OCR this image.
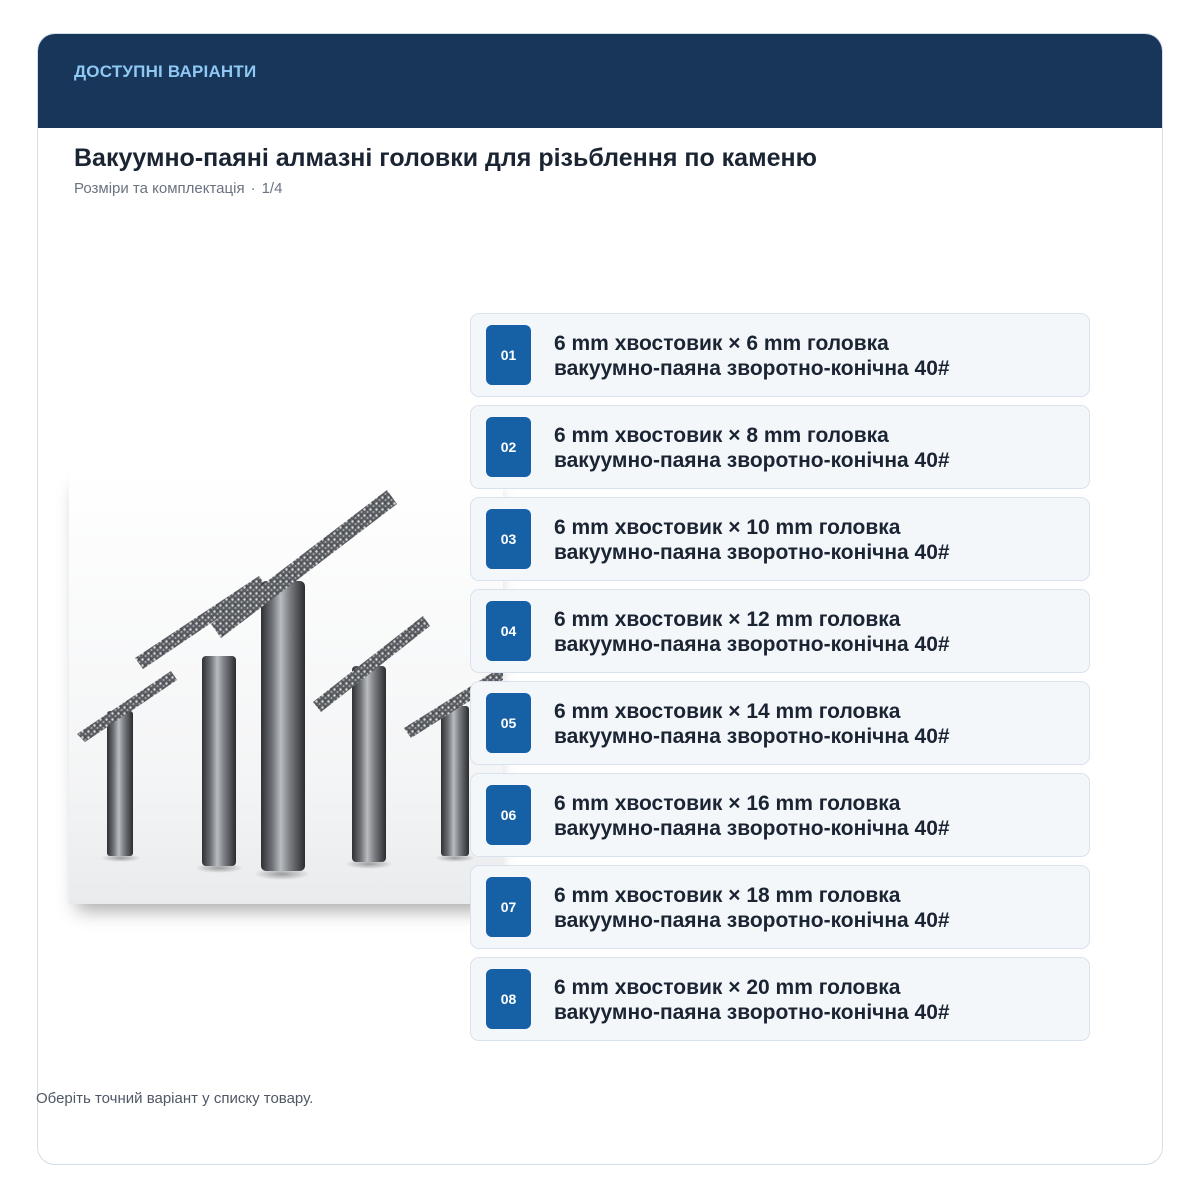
ДОСТУПНІ ВАРІАНТИ
Вакуумно-паяні алмазні головки для різьблення по каменю
Розміри та комплектація · 1/4
01	6 mm хвостовик × 6 mm головка
вакуумно-паяна зворотно-конічна 40#
02	6 mm хвостовик × 8 mm головка
вакуумно-паяна зворотно-конічна 40#
03	6 mm хвостовик × 10 mm головка
вакуумно-паяна зворотно-конічна 40#
04	6 mm хвостовик × 12 mm головка
вакуумно-паяна зворотно-конічна 40#
05	6 mm хвостовик × 14 mm головка
вакуумно-паяна зворотно-конічна 40#
06	6 mm хвостовик × 16 mm головка
вакуумно-паяна зворотно-конічна 40#
07	6 mm хвостовик × 18 mm головка
вакуумно-паяна зворотно-конічна 40#
08	6 mm хвостовик × 20 mm головка
вакуумно-паяна зворотно-конічна 40#
Оберіть точний варіант у списку товару.
